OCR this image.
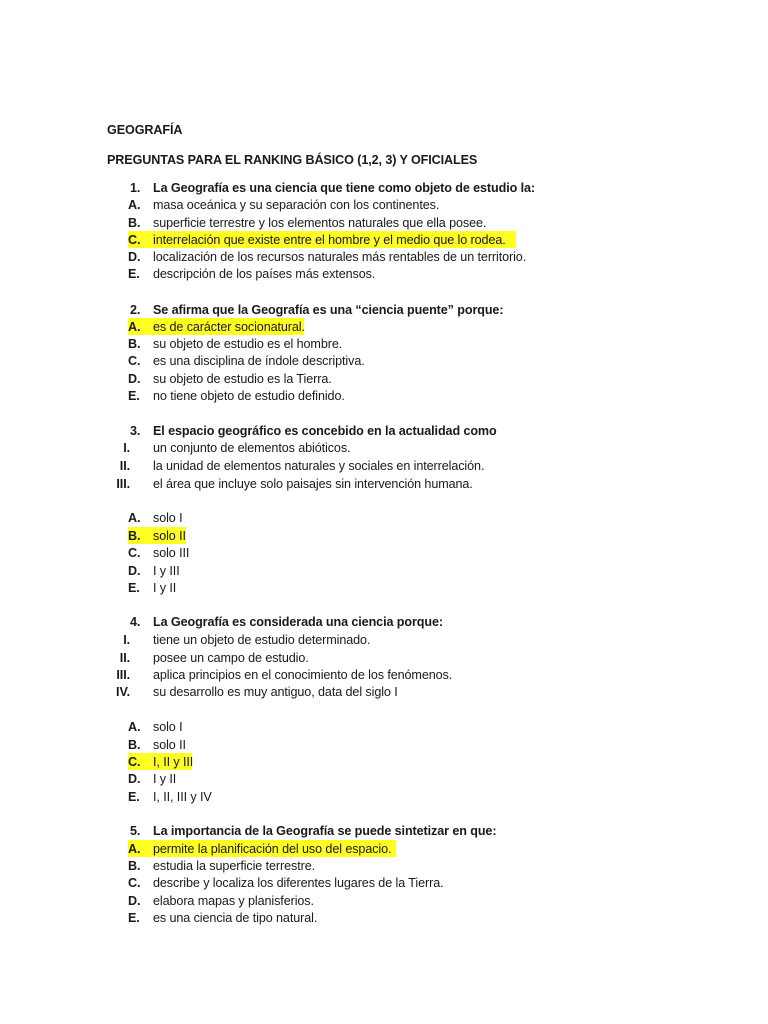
GEOGRAFÍA
PREGUNTAS PARA EL RANKING BÁSICO (1,2, 3) Y OFICIALES
1. La Geografía es una ciencia que tiene como objeto de estudio la:
A. masa oceánica y su separación con los continentes.
B. superficie terrestre y los elementos naturales que ella posee.
C. interrelación que existe entre el hombre y el medio que lo rodea.
D. localización de los recursos naturales más rentables de un territorio.
E. descripción de los países más extensos.
2. Se afirma que la Geografía es una “ciencia puente” porque:
A. es de carácter socionatural.
B. su objeto de estudio es el hombre.
C. es una disciplina de índole descriptiva.
D. su objeto de estudio es la Tierra.
E. no tiene objeto de estudio definido.
3. El espacio geográfico es concebido en la actualidad como
I. un conjunto de elementos abióticos.
II. la unidad de elementos naturales y sociales en interrelación.
III. el área que incluye solo paisajes sin intervención humana.
A. solo I
B. solo II
C. solo III
D. I y III
E. I y II
4. La Geografía es considerada una ciencia porque:
I. tiene un objeto de estudio determinado.
II. posee un campo de estudio.
III. aplica principios en el conocimiento de los fenómenos.
IV. su desarrollo es muy antiguo, data del siglo I
A. solo I
B. solo II
C. I, II y III
D. I y II
E. I, II, III y IV
5. La importancia de la Geografía se puede sintetizar en que:
A. permite la planificación del uso del espacio.
B. estudia la superficie terrestre.
C. describe y localiza los diferentes lugares de la Tierra.
D. elabora mapas y planisferios.
E. es una ciencia de tipo natural.
